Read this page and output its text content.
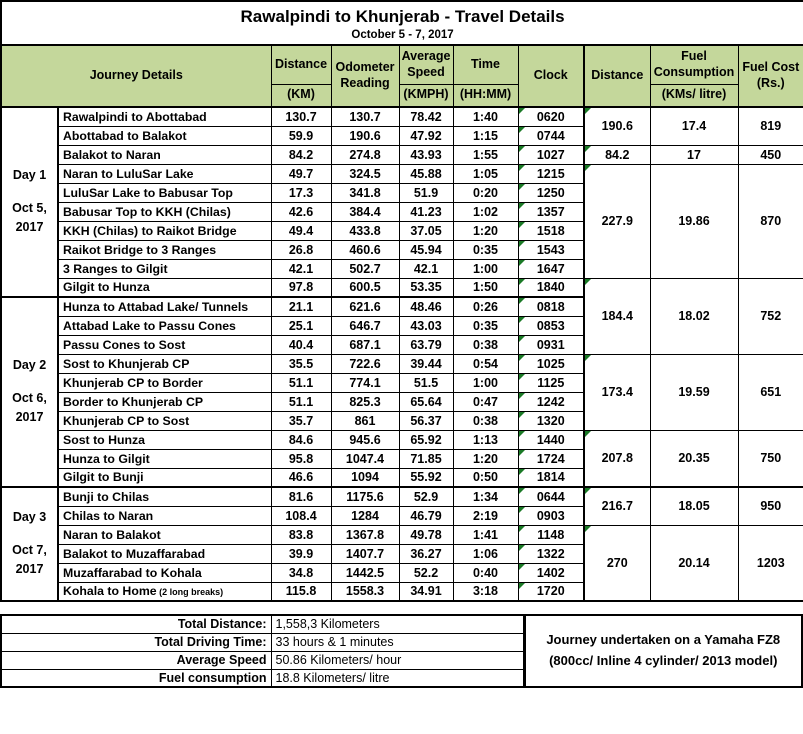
Rawalpindi to Khunjerab - Travel Details
October 5 - 7, 2017									

Journey Details		Distance	Odometer Reading	Average Speed	Time	Clock	Distance	Fuel Consumption	Fuel Cost (Rs.)
		(KM)		(KMPH)	(HH:MM)			(KMs/ litre)	

Day 1
Oct 5,
2017	Rawalpindi to Abottabad	130.7	130.7	78.42	1:40	0620	190.6	17.4	819
	Abottabad to Balakot	59.9	190.6	47.92	1:15	0744			

	Balakot to Naran	84.2	274.8	43.93	1:55	1027	84.2	17	450
	Naran to LuluSar Lake	49.7	324.5	45.88	1:05	1215	227.9	19.86	870
	LuluSar Lake to Babusar Top	17.3	341.8	51.9	0:20	1250			

	Babusar Top to KKH (Chilas)	42.6	384.4	41.23	1:02	1357			

	KKH (Chilas) to Raikot Bridge	49.4	433.8	37.05	1:20	1518			

	Raikot Bridge to 3 Ranges	26.8	460.6	45.94	0:35	1543			

	3 Ranges to Gilgit	42.1	502.7	42.1	1:00	1647			

	Gilgit to Hunza	97.8	600.5	53.35	1:50	1840	184.4	18.02	752

Day 2
Oct 6,
2017	Hunza to Attabad Lake/ Tunnels	21.1	621.6	48.46	0:26	0818			

	Attabad Lake to Passu Cones	25.1	646.7	43.03	0:35	0853			

	Passu Cones to Sost	40.4	687.1	63.79	0:38	0931			

	Sost to Khunjerab CP	35.5	722.6	39.44	0:54	1025	173.4	19.59	651
	Khunjerab CP to Border	51.1	774.1	51.5	1:00	1125			

	Border to Khunjerab CP	51.1	825.3	65.64	0:47	1242			

	Khunjerab CP to Sost	35.7	861	56.37	0:38	1320			

	Sost to Hunza	84.6	945.6	65.92	1:13	1440	207.8	20.35	750
	Hunza to Gilgit	95.8	1047.4	71.85	1:20	1724			

	Gilgit to Bunji	46.6	1094	55.92	0:50	1814			

Day 3
Oct 7,
2017	Bunji to Chilas	81.6	1175.6	52.9	1:34	0644	216.7	18.05	950
	Chilas to Naran	108.4	1284	46.79	2:19	0903			

	Naran to Balakot	83.8	1367.8	49.78	1:41	1148	270	20.14	1203
	Balakot to Muzaffarabad	39.9	1407.7	36.27	1:06	1322			

	Muzaffarabad to Kohala	34.8	1442.5	52.2	0:40	1402			

	Kohala to Home (2 long breaks)	115.8	1558.3	34.91	3:18	1720			
Total Distance:	1,558,3 Kilometers
Total Driving Time:	33 hours & 1 minutes
Average Speed	50.86 Kilometers/ hour
Fuel consumption	18.8 Kilometers/ litre
Journey undertaken on a Yamaha FZ8
(800cc/ Inline 4 cylinder/ 2013 model)
